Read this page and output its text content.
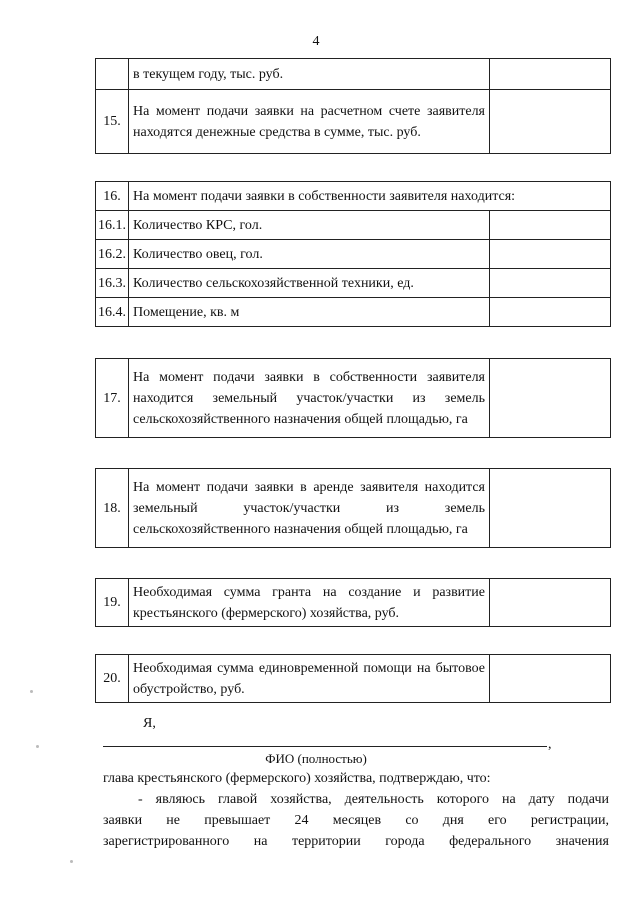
4
	в текущем году, тыс. руб.	
15.	На момент подачи заявки на расчетном счете заявителя находятся денежные средства в сумме, тыс. руб.	
16.	На момент подачи заявки в собственности заявителя находится:	
16.1.	Количество КРС, гол.	
16.2.	Количество овец, гол.	
16.3.	Количество сельскохозяйственной техники, ед.	
16.4.	Помещение, кв. м	
17.	На момент подачи заявки в собственности заявителя находится земельный участок/участки из земель сельскохозяйственного назначения общей площадью, га	
18.	На момент подачи заявки в аренде заявителя находится земельный участок/участки из земель сельскохозяйственного назначения общей площадью, га	
19.	Необходимая сумма гранта на создание и развитие крестьянского (фермерского) хозяйства, руб.	
20.	Необходимая сумма единовременной помощи на бытовое обустройство, руб.	
Я,
,
ФИО (полностью)
глава крестьянского (фермерского) хозяйства, подтверждаю, что:
- являюсь главой хозяйства, деятельность которого на дату подачи
заявки не превышает 24 месяцев со дня его регистрации,
зарегистрированного на территории города федерального значения
